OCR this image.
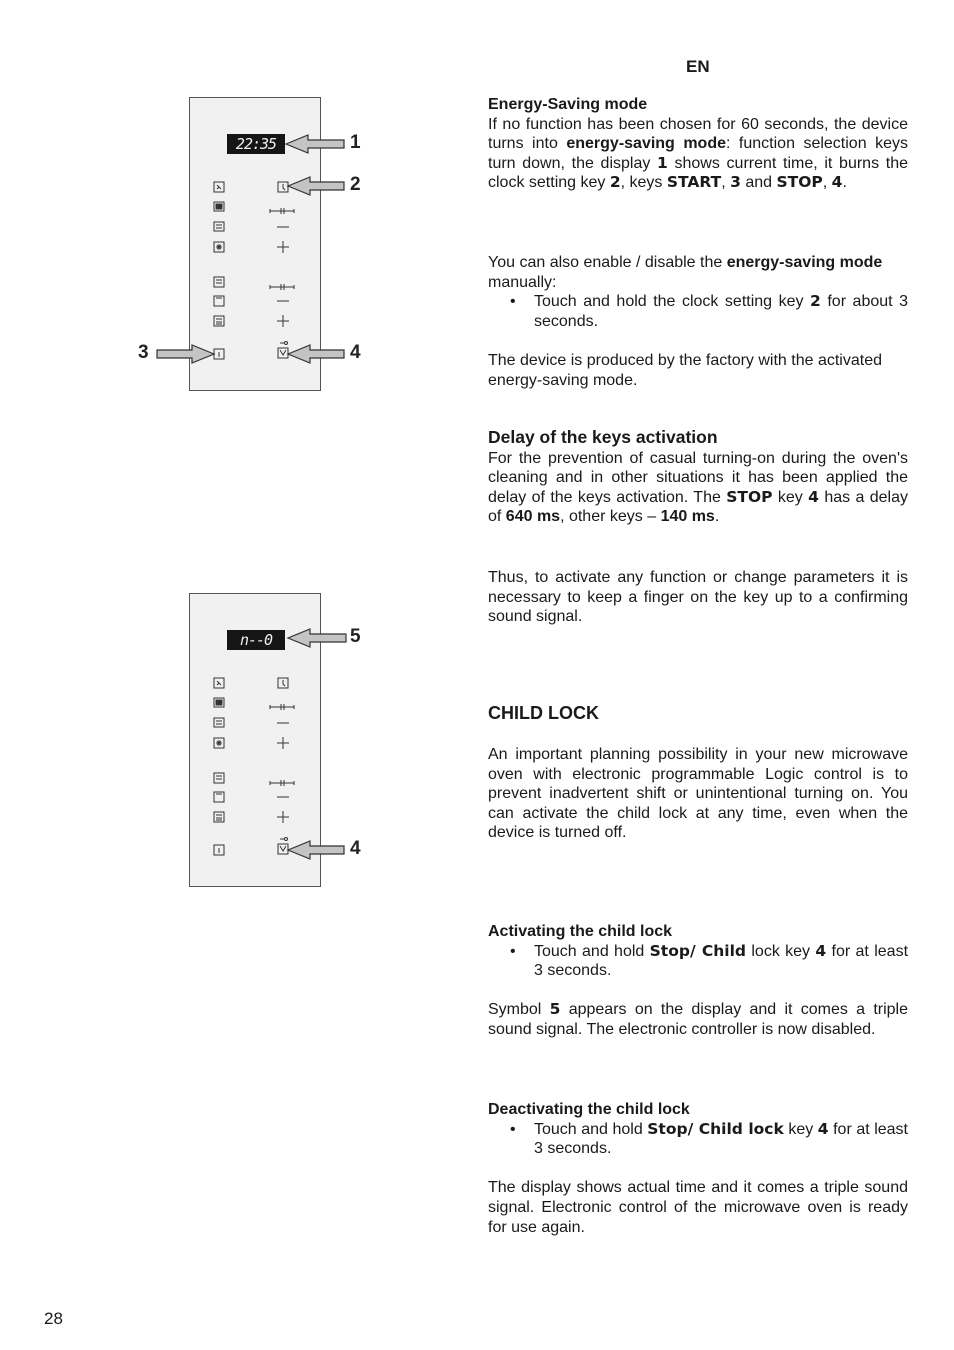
EN
22:35	1
2
3	4
n--0	5
4
Energy-Saving mode

If no function has been chosen for 60 seconds, the device turns into energy-saving mode: function selection keys turn down, the display 1 shows current time, it burns the clock setting key 2, keys START, 3 and STOP, 4.

You can also enable / disable the energy-saving mode manually:

• Touch and hold the clock setting key 2 for about 3 seconds.

The device is produced by the factory with the activated energy-saving mode.

Delay of the keys activation

For the prevention of casual turning-on during the oven's cleaning and in other situations it has been applied the delay of the keys activation. The STOP key 4 has a delay of 640 ms, other keys – 140 ms.

Thus, to activate any function or change parameters it is necessary to keep a finger on the key up to a confirming sound signal.

CHILD LOCK

An important planning possibility in your new microwave oven with electronic programmable Logic control is to prevent inadvertent shift or unintentional turning on. You can activate the child lock at any time, even when the device is turned off.

Activating the child lock

• Touch and hold Stop/ Child lock key 4 for at least 3 seconds.

Symbol 5 appears on the display and it comes a triple sound signal. The electronic controller is now disabled.

Deactivating the child lock

• Touch and hold Stop/ Child lock key 4 for at least 3 seconds.

The display shows actual time and it comes a triple sound signal. Electronic control of the microwave oven is ready for use again.

28
